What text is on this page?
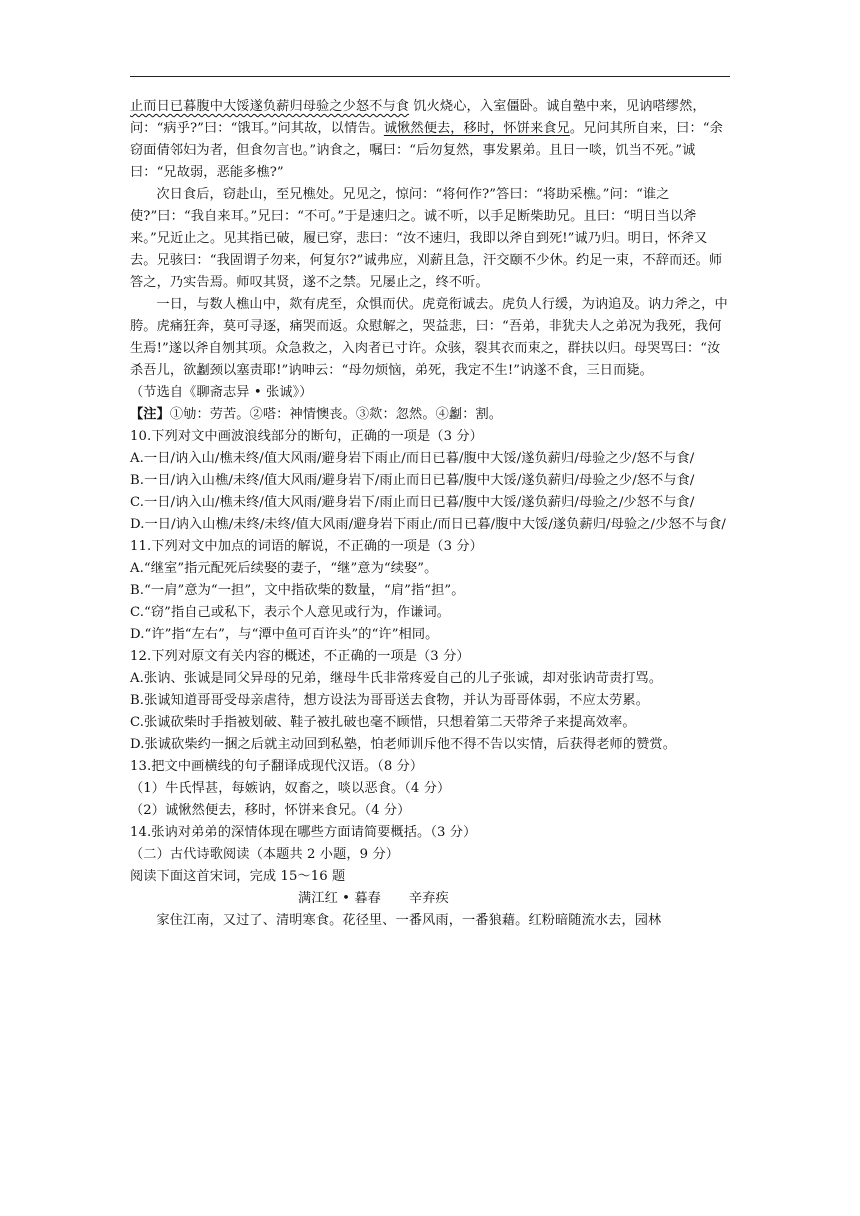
止而日已暮腹中大馁遂负薪归母验之少怒不与食 饥火烧心，入室僵卧。诚自塾中来，见讷嗒缪然，问：“病乎?”曰：“饿耳。”问其故，以情告。诚愀然便去，移时，怀饼来食兄。兄问其所自来，曰：“余窃面倩邻妇为者，但食勿言也。”讷食之，嘱曰：“后勿复然，事发累弟。且日一啖，饥当不死。”诚曰：“兄故弱，恶能多樵?”

次日食后，窃赴山，至兄樵处。兄见之，惊问：“将何作?”答曰：“将助采樵。”问：“谁之使?”曰：“我自来耳。”兄曰：“不可。”于是速归之。诚不听，以手足断柴助兄。且曰：“明日当以斧来。”兄近止之。见其指已破，履已穿，悲曰：“汝不速归，我即以斧自到死!”诚乃归。明日，怀斧又去。兄骇曰：“我固谓子勿来，何复尔?”诚弗应，刈薪且急，汗交颐不少休。约足一束，不辞而还。师答之，乃实告焉。师叹其贤，遂不之禁。兄屡止之，终不听。

一日，与数人樵山中，欻有虎至，众惧而伏。虎竟衔诚去。虎负人行缓，为讷追及。讷力斧之，中胯。虎痛狂奔，莫可寻逐，痛哭而返。众慰解之，哭益悲，曰：“吾弟，非犹夫人之弟况为我死，我何生焉!”遂以斧自刎其项。众急救之，入肉者已寸许。众骇，裂其衣而束之，群扶以归。母哭骂曰：“汝杀吾儿，欲劙颈以塞责耶!”讷呻云：“母勿烦恼，弟死，我定不生!”讷遂不食，三日而毙。

（节选自《聊斋志异 • 张诚》）

【注】①劬：劳苦。②嗒：神情懊丧。③欻：忽然。④劙：割。

10.下列对文中画波浪线部分的断句，正确的一项是（3 分）

A.一日/讷入山/樵未终/值大风雨/避身岩下雨止/而日已暮/腹中大馁/遂负薪归/母验之少/怒不与食/

B.一日/讷入山樵/未终/值大风雨/避身岩下/雨止而日已暮/腹中大馁/遂负薪归/母验之少/怒不与食/

C.一日/讷入山/樵未终/值大风雨/避身岩下/雨止而日已暮/腹中大馁/遂负薪归/母验之/少怒不与食/

D.一日/讷入山樵/未终/未终/值大风雨/避身岩下雨止/而日已暮/腹中大馁/遂负薪归/母验之/少怒不与食/

11.下列对文中加点的词语的解说，不正确的一项是（3 分）

A.“继室”指元配死后续娶的妻子，“继”意为“续娶”。

B.“一肩”意为“一担”，文中指砍柴的数量，“肩”指“担”。

C.“窃”指自己或私下，表示个人意见或行为，作谦词。

D.“许”指“左右”，与“潭中鱼可百许头”的“许”相同。

12.下列对原文有关内容的概述，不正确的一项是（3 分）

A.张讷、张诚是同父异母的兄弟，继母牛氏非常疼爱自己的儿子张诚，却对张讷苛责打骂。

B.张诚知道哥哥受母亲虐待，想方设法为哥哥送去食物，并认为哥哥体弱，不应太劳累。

C.张诚砍柴时手指被划破、鞋子被扎破也毫不顾惜，只想着第二天带斧子来提高效率。

D.张诚砍柴约一捆之后就主动回到私塾，怕老师训斥他不得不告以实情，后获得老师的赞赏。

13.把文中画横线的句子翻译成现代汉语。（8 分）

（1）牛氏悍甚，每嫉讷，奴畜之，啖以恶食。（4 分）

（2）诚愀然便去，移时，怀饼来食兄。（4 分）

14.张讷对弟弟的深情体现在哪些方面请简要概括。（3 分）

（二）古代诗歌阅读（本题共 2 小题，9 分）

阅读下面这首宋词，完成 15～16 题

满江红 • 暮春 辛弃疾

家住江南，又过了、清明寒食。花径里、一番风雨，一番狼藉。红粉暗随流水去，园林
